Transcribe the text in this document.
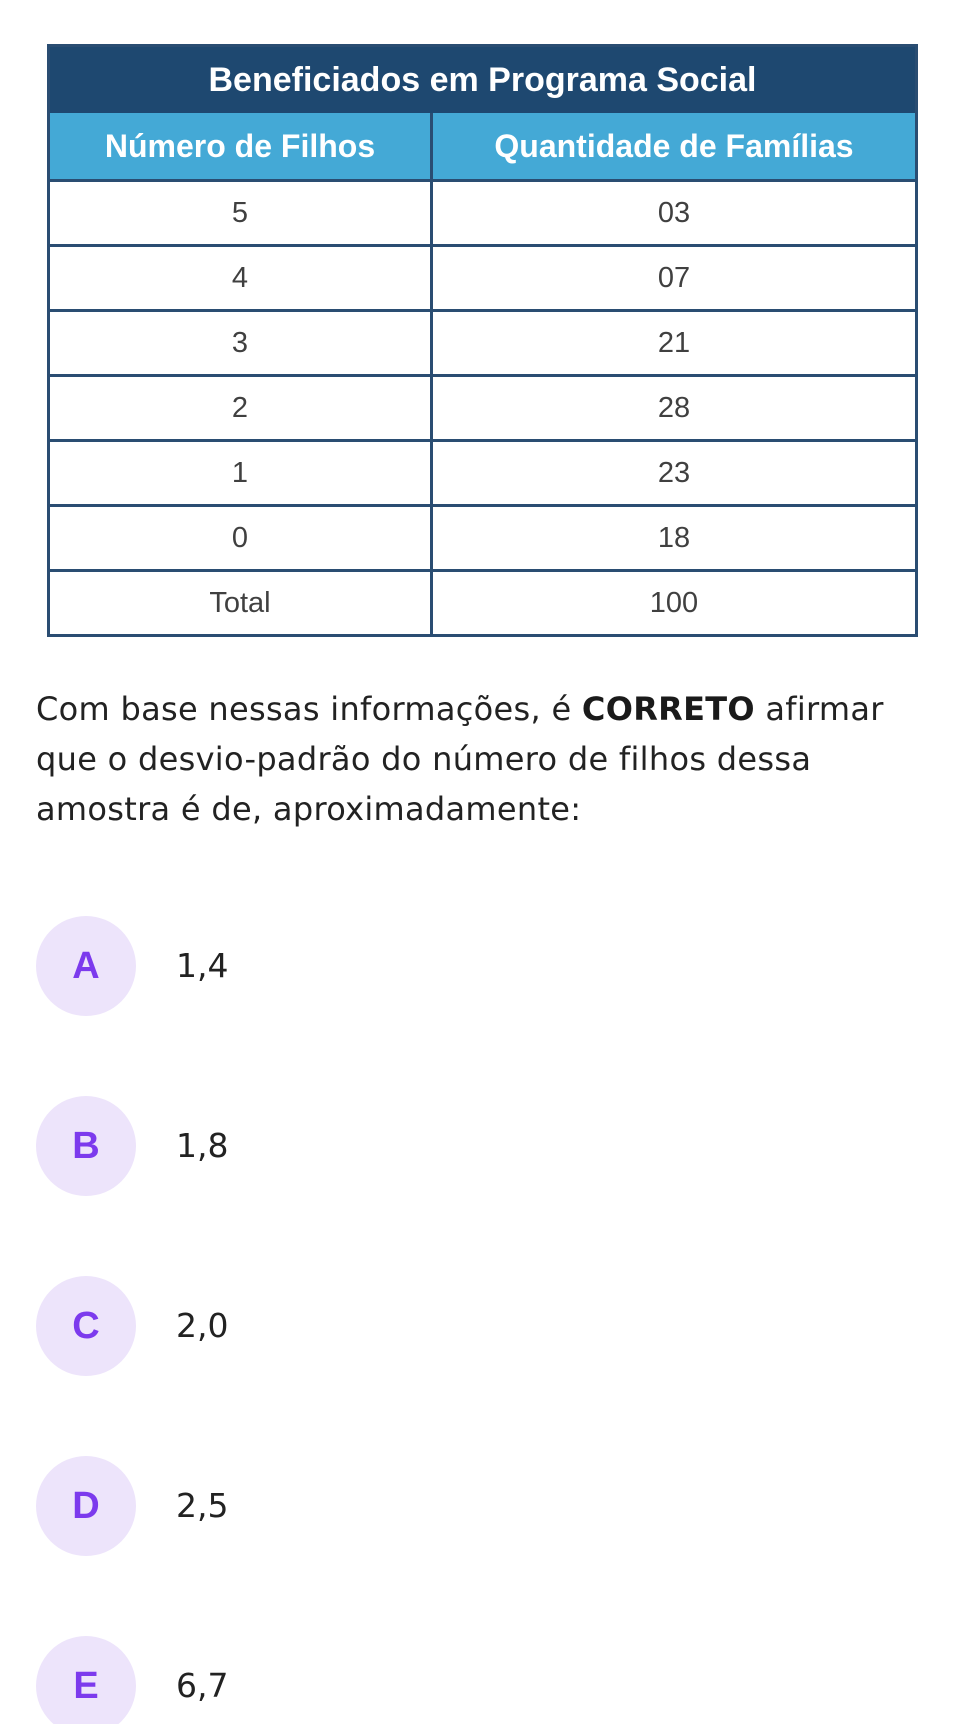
Beneficiados em Programa Social	
Número de Filhos	Quantidade de Famílias
5	03
4	07
3	21
2	28
1	23
0	18
Total	100
Com base nessas informações, é CORRETO afirmar que o desvio-padrão do número de filhos dessa amostra é de, aproximadamente:
A	1,4
B	1,8
C	2,0
D	2,5
E	6,7
